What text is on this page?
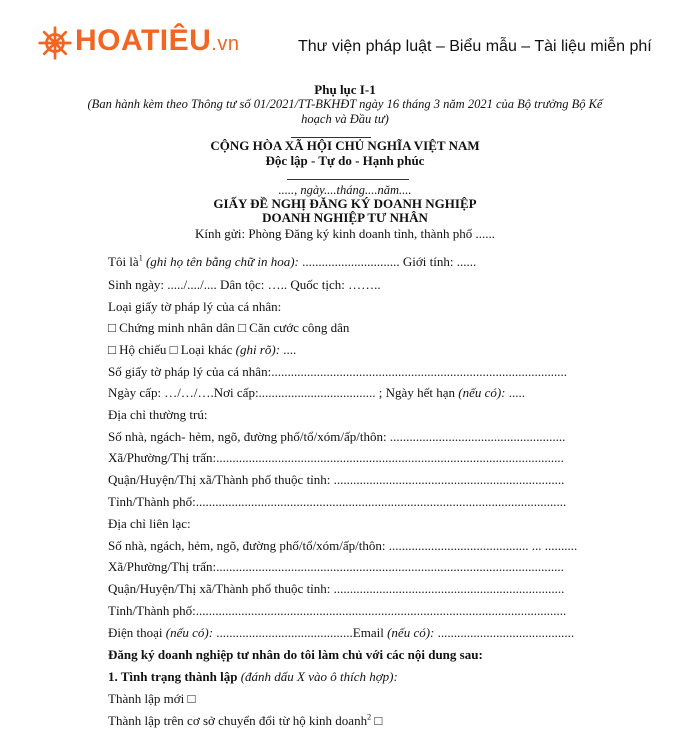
HOATIÊU.vn	Thư viện pháp luật – Biểu mẫu – Tài liệu miễn phí
Phụ lục I-1
(Ban hành kèm theo Thông tư số 01/2021/TT-BKHĐT ngày 16 tháng 3 năm 2021 của Bộ trưởng Bộ Kế
hoạch và Đầu tư)
CỘNG HÒA XÃ HỘI CHỦ NGHĨA VIỆT NAM
Độc lập - Tự do - Hạnh phúc
....., ngày....tháng....năm....
GIẤY ĐỀ NGHỊ ĐĂNG KÝ DOANH NGHIỆP
DOANH NGHIỆP TƯ NHÂN
Kính gửi: Phòng Đăng ký kinh doanh tỉnh, thành phố ......
Tôi $là^1$ (ghi họ tên bằng chữ in hoa): .............................. Giới tính: ......
Sinh ngày: ...../..../.... Dân tộc: ….. Quốc tịch: ……..
Loại giấy tờ pháp lý của cá nhân:
□ Chứng minh nhân dân □ Căn cước công dân
□ Hộ chiếu □ Loại khác (ghi rõ): ....
Số giấy tờ pháp lý của cá nhân:...........................................................................................
Ngày cấp: …/…/….Nơi cấp:.................................... ; Ngày hết hạn (nếu có): .....
Địa chỉ thường trú:
Số nhà, ngách- hẻm, ngõ, đường phố/tổ/xóm/ấp/thôn: ......................................................
Xã/Phường/Thị trấn:...........................................................................................................
Quận/Huyện/Thị xã/Thành phố thuộc tỉnh: .......................................................................
Tỉnh/Thành phố:..................................................................................................................
Địa chỉ liên lạc:
Số nhà, ngách, hẻm, ngõ, đường phố/tổ/xóm/ấp/thôn: ........................................... ... ..........
Xã/Phường/Thị trấn:...........................................................................................................
Quận/Huyện/Thị xã/Thành phố thuộc tỉnh: .......................................................................
Tỉnh/Thành phố:..................................................................................................................
Điện thoại (nếu có): ..........................................Email (nếu có): ..........................................
Đăng ký doanh nghiệp tư nhân do tôi làm chủ với các nội dung sau:
1. Tình trạng thành lập (đánh dấu X vào ô thích hợp):
Thành lập mới □
Thành lập trên cơ sở chuyển đổi từ hộ kinh doanh$^2$ □
